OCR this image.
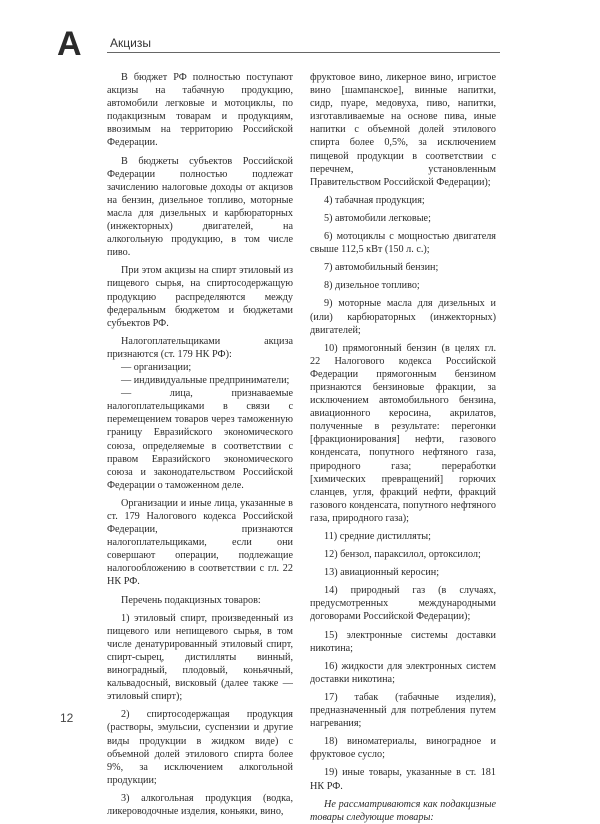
А Акцизы

В бюджет РФ полностью поступают акцизы на табачную продукцию, автомобили легковые и мотоциклы, по подакцизным товарам и продукциям, ввозимым на территорию Российской Федерации.

В бюджеты субъектов Российской Федерации полностью подлежат зачислению налоговые доходы от акцизов на бензин, дизельное топливо, моторные масла для дизельных и карбюраторных (инжекторных) двигателей, на алкогольную продукцию, в том числе пиво.

При этом акцизы на спирт этиловый из пищевого сырья, на спиртосодержащую продукцию распределяются между федеральным бюджетом и бюджетами субъектов РФ.

Налогоплательщиками акциза признаются (ст. 179 НК РФ):

— организации;

— индивидуальные предприниматели;

— лица, признаваемые налогоплательщиками в связи с перемещением товаров через таможенную границу Евразийского экономического союза, определяемые в соответствии с правом Евразийского экономического союза и законодательством Российской Федерации о таможенном деле.

Организации и иные лица, указанные в ст. 179 Налогового кодекса Российской Федерации, признаются налогоплательщиками, если они совершают операции, подлежащие налогообложению в соответствии с гл. 22 НК РФ.

Перечень подакцизных товаров:

1) этиловый спирт, произведенный из пищевого или непищевого сырья, в том числе денатурированный этиловый спирт, спирт-сырец, дистилляты винный, виноградный, плодовый, коньячный, кальвадосный, висковый (далее также — этиловый спирт);

2) спиртосодержащая продукция (растворы, эмульсии, суспензии и другие виды продукции в жидком виде) с объемной долей этилового спирта более 9%, за исключением алкогольной продукции;

3) алкогольная продукция (водка, ликероводочные изделия, коньяки, вино,

фруктовое вино, ликерное вино, игристое вино [шампанское], винные напитки, сидр, пуаре, медовуха, пиво, напитки, изготавливаемые на основе пива, иные напитки с объемной долей этилового спирта более 0,5%, за исключением пищевой продукции в соответствии с перечнем, установленным Правительством Российской Федерации);

4) табачная продукция;

5) автомобили легковые;

6) мотоциклы с мощностью двигателя свыше 112,5 кВт (150 л. с.);

7) автомобильный бензин;

8) дизельное топливо;

9) моторные масла для дизельных и (или) карбюраторных (инжекторных) двигателей;

10) прямогонный бензин (в целях гл. 22 Налогового кодекса Российской Федерации прямогонным бензином признаются бензиновые фракции, за исключением автомобильного бензина, авиационного керосина, акрилатов, полученные в результате: перегонки [фракционирования] нефти, газового конденсата, попутного нефтяного газа, природного газа; переработки [химических превращений] горючих сланцев, угля, фракций нефти, фракций газового конденсата, попутного нефтяного газа, природного газа);

11) средние дистилляты;

12) бензол, параксилол, ортоксилол;

13) авиационный керосин;

14) природный газ (в случаях, предусмотренных международными договорами Российской Федерации);

15) электронные системы доставки никотина;

16) жидкости для электронных систем доставки никотина;

17) табак (табачные изделия), предназначенный для потребления путем нагревания;

18) виноматериалы, виноградное и фруктовое сусло;

19) иные товары, указанные в ст. 181 НК РФ.

Не рассматриваются как подакцизные товары следующие товары:

12
